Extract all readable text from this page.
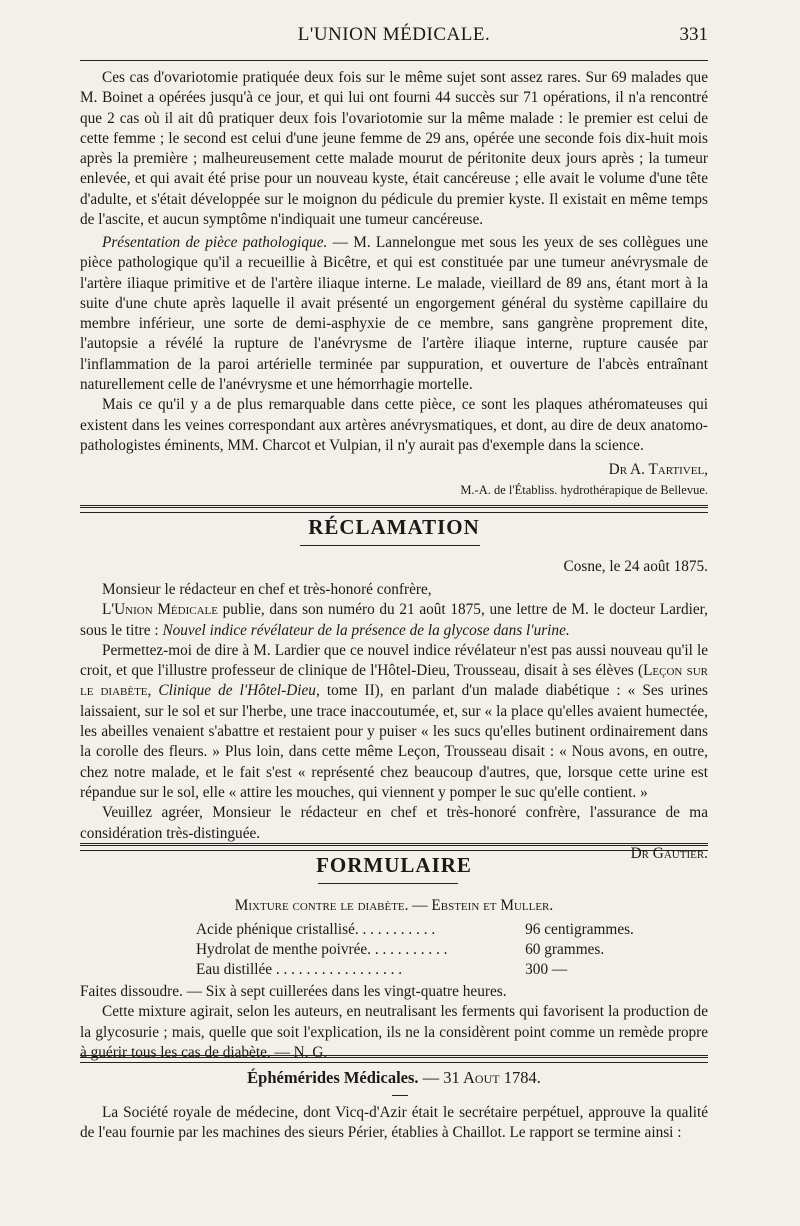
L'UNION MÉDICALE.	331

Ces cas d'ovariotomie pratiquée deux fois sur le même sujet sont assez rares. Sur 69 malades que M. Boinet a opérées jusqu'à ce jour, et qui lui ont fourni 44 succès sur 71 opérations, il n'a rencontré que 2 cas où il ait dû pratiquer deux fois l'ovariotomie sur la même malade : le premier est celui de cette femme ; le second est celui d'une jeune femme de 29 ans, opérée une seconde fois dix-huit mois après la première ; malheureusement cette malade mourut de péritonite deux jours après ; la tumeur enlevée, et qui avait été prise pour un nouveau kyste, était cancéreuse ; elle avait le volume d'une tête d'adulte, et s'était développée sur le moignon du pédicule du premier kyste. Il existait en même temps de l'ascite, et aucun symptôme n'indiquait une tumeur cancéreuse.

Présentation de pièce pathologique. — M. Lannelongue met sous les yeux de ses collègues une pièce pathologique qu'il a recueillie à Bicêtre, et qui est constituée par une tumeur anévrysmale de l'artère iliaque primitive et de l'artère iliaque interne. Le malade, vieillard de 89 ans, étant mort à la suite d'une chute après laquelle il avait présenté un engorgement général du système capillaire du membre inférieur, une sorte de demi-asphyxie de ce membre, sans gangrène proprement dite, l'autopsie a révélé la rupture de l'anévrysme de l'artère iliaque interne, rupture causée par l'inflammation de la paroi artérielle terminée par suppuration, et ouverture de l'abcès entraînant naturellement celle de l'anévrysme et une hémorrhagie mortelle.

Mais ce qu'il y a de plus remarquable dans cette pièce, ce sont les plaques athéromateuses qui existent dans les veines correspondant aux artères anévrysmatiques, et dont, au dire de deux anatomo-pathologistes éminents, MM. Charcot et Vulpian, il n'y aurait pas d'exemple dans la science.

Dr A. Tartivel,
M.-A. de l'Établiss. hydrothérapique de Bellevue.
RÉCLAMATION
Cosne, le 24 août 1875.

Monsieur le rédacteur en chef et très-honoré confrère,

L'Union Médicale publie, dans son numéro du 21 août 1875, une lettre de M. le docteur Lardier, sous le titre : Nouvel indice révélateur de la présence de la glycose dans l'urine.

Permettez-moi de dire à M. Lardier que ce nouvel indice révélateur n'est pas aussi nouveau qu'il le croit, et que l'illustre professeur de clinique de l'Hôtel-Dieu, Trousseau, disait à ses élèves (Leçon sur le diabète, Clinique de l'Hôtel-Dieu, tome II), en parlant d'un malade diabétique : « Ses urines laissaient, sur le sol et sur l'herbe, une trace inaccoutumée, et, sur « la place qu'elles avaient humectée, les abeilles venaient s'abattre et restaient pour y puiser « les sucs qu'elles butinent ordinairement dans la corolle des fleurs. » Plus loin, dans cette même Leçon, Trousseau disait : « Nous avons, en outre, chez notre malade, et le fait s'est « représenté chez beaucoup d'autres, que, lorsque cette urine est répandue sur le sol, elle « attire les mouches, qui viennent y pomper le suc qu'elle contient. »

Veuillez agréer, Monsieur le rédacteur en chef et très-honoré confrère, l'assurance de ma considération très-distinguée.

Dr Gautier.
FORMULAIRE
Mixture contre le diabète. — Ebstein et Muller.
Acide phénique cristallisé. . . . . . . . . . .	96 centigrammes.
Hydrolat de menthe poivrée. . . . . . . . . . .	60 grammes.
Eau distillée . . . . . . . . . . . . . . . . .	300 —

Faites dissoudre. — Six à sept cuillerées dans les vingt-quatre heures.

Cette mixture agirait, selon les auteurs, en neutralisant les ferments qui favorisent la production de la glycosurie ; mais, quelle que soit l'explication, ils ne la considèrent point comme un remède propre à guérir tous les cas de diabète. — N. G.

Éphémérides Médicales. — 31 Aout 1784.

La Société royale de médecine, dont Vicq-d'Azir était le secrétaire perpétuel, approuve la qualité de l'eau fournie par les machines des sieurs Périer, établies à Chaillot. Le rapport se termine ainsi :
